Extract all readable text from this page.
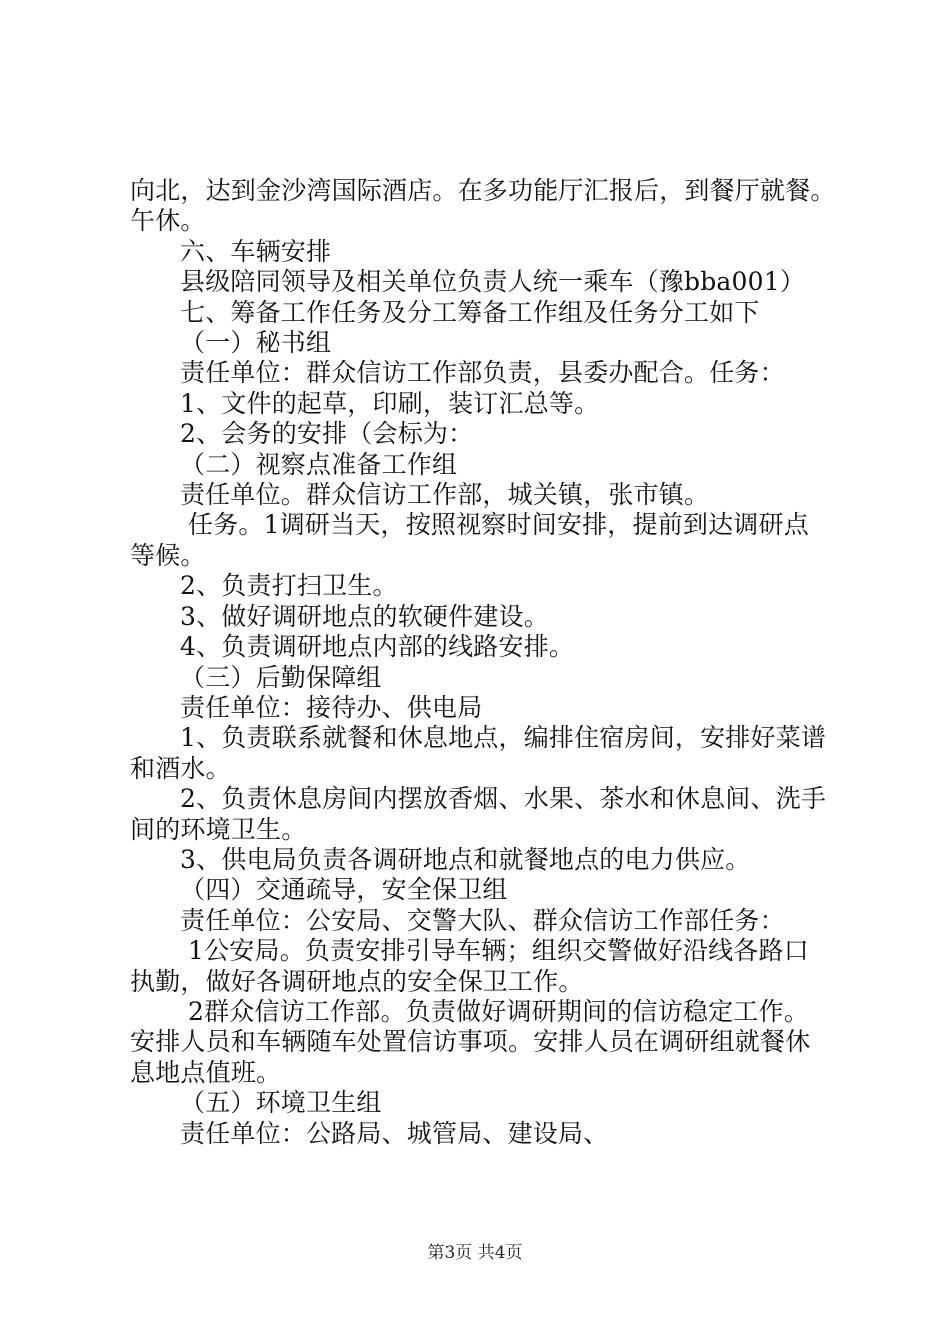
向北，达到金沙湾国际酒店。在多功能厅汇报后，到餐厅就餐。
午休。
六、车辆安排
县级陪同领导及相关单位负责人统一乘车（豫bba001）
七、筹备工作任务及分工筹备工作组及任务分工如下
（一）秘书组
责任单位：群众信访工作部负责，县委办配合。任务：
1、文件的起草，印刷，装订汇总等。
2、会务的安排（会标为：
（二）视察点准备工作组
责任单位。群众信访工作部，城关镇，张市镇。
任务。1调研当天，按照视察时间安排，提前到达调研点
等候。
2、负责打扫卫生。
3、做好调研地点的软硬件建设。
4、负责调研地点内部的线路安排。
（三）后勤保障组
责任单位：接待办、供电局
1、负责联系就餐和休息地点，编排住宿房间，安排好菜谱
和酒水。
2、负责休息房间内摆放香烟、水果、茶水和休息间、洗手
间的环境卫生。
3、供电局负责各调研地点和就餐地点的电力供应。
（四）交通疏导，安全保卫组
责任单位：公安局、交警大队、群众信访工作部任务：
1公安局。负责安排引导车辆；组织交警做好沿线各路口
执勤，做好各调研地点的安全保卫工作。
2群众信访工作部。负责做好调研期间的信访稳定工作。
安排人员和车辆随车处置信访事项。安排人员在调研组就餐休
息地点值班。
（五）环境卫生组
责任单位：公路局、城管局、建设局、
第3页 共4页
